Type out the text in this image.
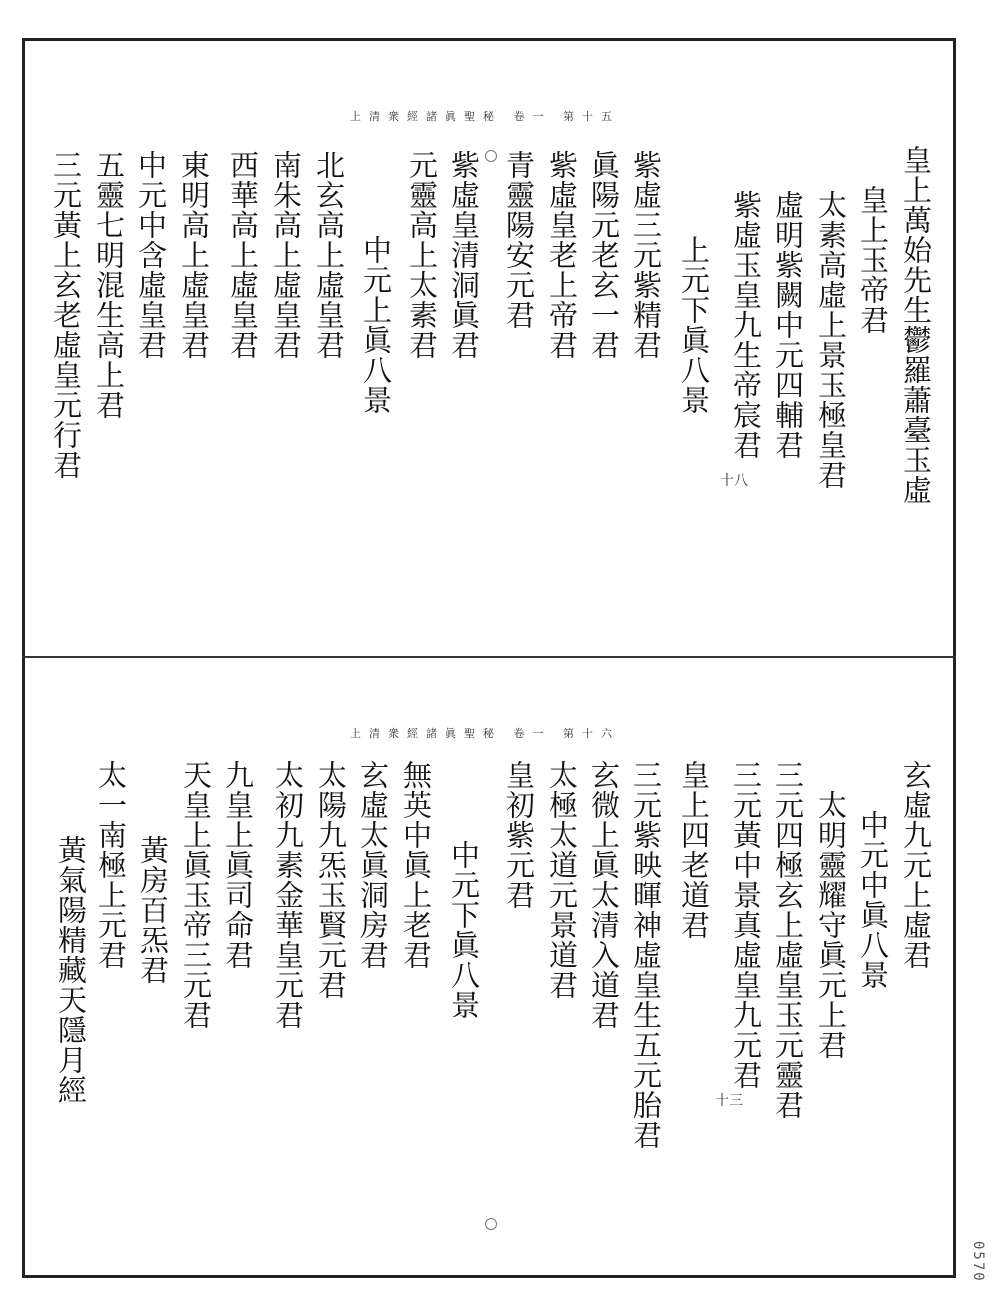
上清衆經諸眞聖秘 卷一 第十五
皇上萬始先生鬱羅蕭臺玉虛
皇上玉帝君
太素高虛上景玉極皇君
虛明紫闕中元四輔君
紫虛玉皇九生帝宸君
上元下眞八景
紫虛三元紫精君
眞陽元老玄一君
紫虛皇老上帝君
青靈陽安元君
紫虛皇清洞眞君
元靈高上太素君
中元上眞八景
北玄高上虛皇君
南朱高上虛皇君
西華高上虛皇君
東明高上虛皇君
中元中含虛皇君
五靈七明混生高上君
三元黃上玄老虛皇元行君
十八
上清衆經諸眞聖秘 卷一 第十六
玄虛九元上虛君
中元中眞八景
太明靈耀守眞元上君
三元四極玄上虛皇玉元靈君
三元黃中景真虛皇九元君
皇上四老道君
三元紫映暉神虛皇生五元胎君
玄微上眞太清入道君
太極太道元景道君
皇初紫元君
中元下眞八景
無英中眞上老君
玄虛太眞洞房君
太陽九炁玉賢元君
太初九素金華皇元君
九皇上眞司命君
天皇上眞玉帝三元君
黃房百炁君
太一南極上元君
黃氣陽精藏天隱月經	十三
0570
